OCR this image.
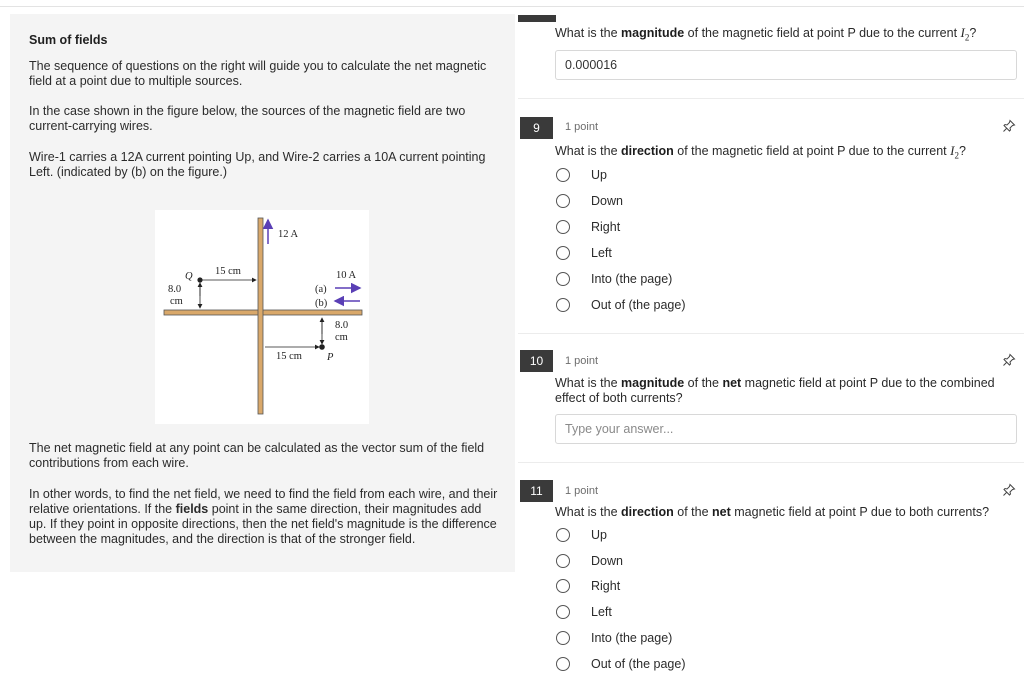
Sum of fields
The sequence of questions on the right will guide you to calculate the net magnetic field at a point due to multiple sources.
In the case shown in the figure below, the sources of the magnetic field are two current-carrying wires.
Wire-1 carries a 12A current pointing Up, and Wire-2 carries a 10A current pointing Left. (indicated by (b) on the figure.)
The net magnetic field at any point can be calculated as the vector sum of the field contributions from each wire.
In other words, to find the net field, we need to find the field from each wire, and their relative orientations. If the fields point in the same direction, their magnitudes add up. If they point in opposite directions, then the net field's magnitude is the difference between the magnitudes, and the direction is that of the stronger field.
12 A
Q 15 cm
8.0
cm
10 A
(a)
(b)
8.0
cm
P
15 cm
What is the magnitude of the magnetic field at point P due to the current $I_2$?
0.000016
9	1 point
What is the direction of the magnetic field at point P due to the current $I_2$?
Up
Down
Right
Left
Into (the page)
Out of (the page)
10	1 point
What is the magnitude of the net magnetic field at point P due to the combined effect of both currents?
Type your answer...
11	1 point
What is the direction of the net magnetic field at point P due to both currents?
Up
Down
Right
Left
Into (the page)
Out of (the page)
